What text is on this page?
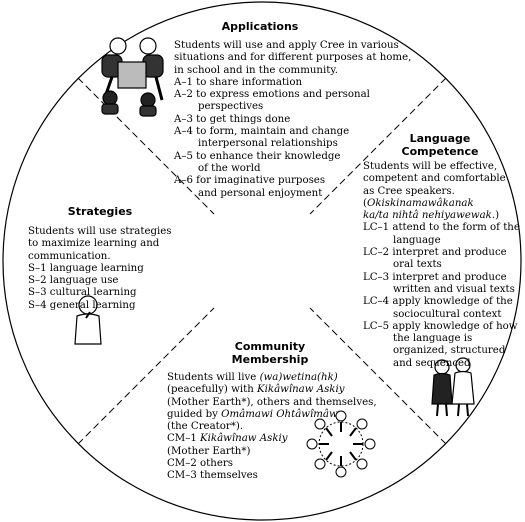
Applications
Students will use and apply Cree in various
situations and for different purposes at home,
in school and in the community.
A–1 to share information
A–2 to express emotions and personal
perspectives
A–3 to get things done
A–4 to form, maintain and change
interpersonal relationships
A–5 to enhance their knowledge
of the world
A–6 for imaginative purposes
and personal enjoyment
Language
Competence
Students will be effective,
competent and comfortable
as Cree speakers.
(Okiskinamawâkanak
ka/ta nihtâ nehiyawewak.)
LC–1 attend to the form of the
language
LC–2 interpret and produce
oral texts
LC–3 interpret and produce
written and visual texts
LC–4 apply knowledge of the
sociocultural context
LC–5 apply knowledge of how
the language is
organized, structured
and sequenced
Strategies
Students will use strategies
to maximize learning and
communication.
S–1 language learning
S–2 language use
S–3 cultural learning
S–4 general learning
Community
Membership
Students will live (wa)wetina(hk)
(peacefully) with Kikâwînaw Askiy
(Mother Earth*), others and themselves,
guided by Omâmawi Ohtâwîmâw
(the Creator*).
CM–1 Kikâwînaw Askiy
(Mother Earth*)
CM–2 others
CM–3 themselves
